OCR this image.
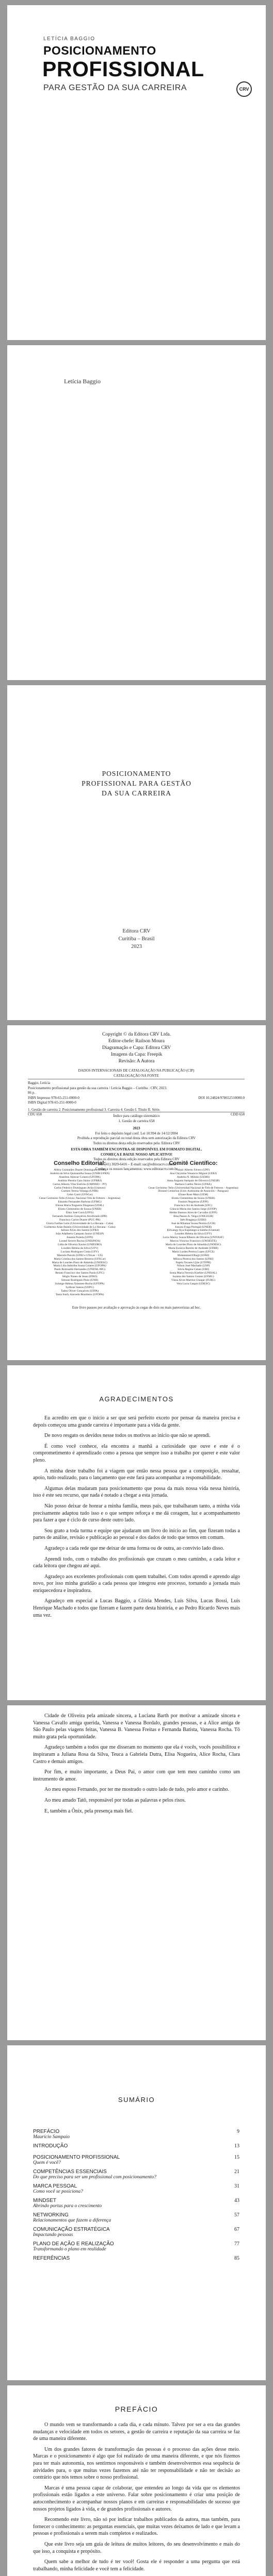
LETÍCIA BAGGIO
POSICIONAMENTO
PROFISSIONAL
PARA GESTÃO DA SUA CARREIRA	CRV
Letícia Baggio
POSICIONAMENTO
PROFISSIONAL PARA GESTÃO
DA SUA CARREIRA
Editora CRV
Curitiba – Brasil
2023
Copyright © da Editora CRV Ltda.
Editor-chefe: Railson Moura
Diagramação e Capa: Editora CRV
Imagens da Capa: Freepik
Revisão: A Autora
DADOS INTERNACIONAIS DE CATALOGAÇÃO NA PUBLICAÇÃO (CIP)
CATALOGAÇÃO NA FONTE
Baggio, Letícia
Posicionamento profissional para gestão da sua carreira / Letícia Baggio – Curitiba : CRV, 2023.
86 p.
ISBN Impresso 978-65-251-0000-0	DOI 10.24824/978652510000.0
ISBN Digital 978-65-251-0000-0
1. Gestão de carreira 2. Posicionamento profissional 3. Carreira 4. Gestão I. Título II. Série.
CDU 658	CDD 658
Índice para catálogo sistemático
1. Gestão de carreira 658
2023
Foi feito o depósito legal conf. Lei 10.994 de 14/12/2004
Proibida a reprodução parcial ou total desta obra sem autorização da Editora CRV
Todos os direitos desta edição reservados pela: Editora CRV
ESTA OBRA TAMBÉM ENCONTRA-SE DISPONÍVEL EM FORMATO DIGITAL.
CONHEÇA E BAIXE NOSSO APLICATIVO!
Todos os direitos desta edição reservados pela Editora CRV
Tel.: (41) 3029-6416 – E-mail: sac@editoracrv.com.br
Conheça os nossos lançamentos: www.editoracrv.com.br
Conselho Editorial:
Aldira Guimarães Duarte Domínguez (UNB)
Andréia da Silva Quintanilha Sousa (UNIR/UFRN)
Anselmo Alencar Colares (UFOPA)
Antônio Pereira Gaio Júnior (UFRRJ)
Carlos Alberto Vilar Estêvão (UMINHO – PT)
Carlos Federico Dominguez Avila (Unieuro)
Carmen Tereza Velanga (UNIR)
Celso Conti (UFSCar)
Cesar Gerónimo Tello (Univer. Nacional Três de Febrero – Argentina)
Eduardo Fernandes Barbosa (UFMG)
Elione Maria Nogueira Diogenes (UFAL)
Elizeu Clementino de Souza (UNEB)
Élsio José Corá (UFFS)
Fernando Antônio Gonçalves Alcoforado (IPB)
Francisco Carlos Duarte (PUC-PR)
Gloria Fariñas León (Universidade de La Havana – Cuba)
Guillermo Arias Beatón (Universidade de La Havana – Cuba)
Jailson Alves dos Santos (UFRJ)
João Adalberto Campato Junior (UNESP)
Josania Portela (UFPI)
Leonel Severo Rocha (UNISINOS)
Lídia de Oliveira Xavier (UNIEURO)
Lourdes Helena da Silva (UFV)
Luciano Rodrigues Costa (UFV)
Marcelo Paixão (UFRJ e UTexas – US)
Maria Cristina dos Santos Bezerra (UFSCar)
Maria de Lourdes Pinto de Almeida (UNOESC)
Maria Lília Imbiriba Sousa Colares (UFOPA)
Paulo Romualdo Hernandes (UNIFAL-MG)
Renato Francisco dos Santos Paula (UFG)
Sérgio Nunes de Jesus (IFRO)
Simone Rodrigues Pinto (UNB)
Solange Helena Ximenes-Rocha (UFOPA)
Sydione Santos (UEPG)
Tadeu Oliver Gonçalves (UFPA)
Tania Suely Azevedo Brasileiro (UFOPA)
Comitê Científico:
Altair Alberto Fávero (UPF)
Ana Chrystina Venancio Mignot (UERJ)
Andréia N. Militão (UEMS)
Anna Augusta Sampaio de Oliveira (UNESP)
Barbara Coelho Neves (UFBA)
Cesar Gerónimo Tello (Universidad Nacional de Três de Febrero – Argentina)
Diosnel Centurion (Univ Autónoma de Asunción – Paraguai)
Eliane Rose Maio (UEM)
Elizeu Clementino de Souza (UNEB)
Fauston Negreiros (UFPI)
Francisco Ari de Andrade (UFC)
Gláucia Maria dos Santos Jorge (UFOP)
Helder Buenos Aires de Carvalho (UFPI)
Ilma Passos A. Veiga (UNICEUB)
Inês Bragança (UERJ)
José de Ribamar Sousa Pereira (UCB)
Jussara Fraga Portugal (UNEB)
Kilwangy Kya Kapitango-a-Samba (Unemat)
Lourdes Helena da Silva (UFV)
Lucia Marisy Souza Ribeiro de Oliveira (UNIVASF)
Marcos Vinicius Francisco (UNOESTE)
Maria de Lourdes Pinto de Almeida (UNOESC)
Maria Eurácia Barreto de Andrade (UFRB)
Maria Lurdes Pereira Lopes (UFCE)
Mohammed Elhajji (UFRJ)
Mônica Pereira dos Santos (UFRJ)
Najela Tavares Ujiie (UTFPR)
Nilson José Machado (USP)
Silvia Regina Canan (URI)
Sonia Maria Ferreira Koehler (UNISAL)
Suzana dos Santos Gomes (UFMG)
Vânia Alves Martins Chaigar (FURG)
Vera Lucia Gaspar (UDESC)
Este livro passou por avaliação e aprovação às cegas de dois ou mais pareceristas ad hoc.
AGRADECIMENTOS

Eu acredito em que o início a ser que será perfeito exceto por pensar da maneira precisa e depois começou uma grande carreira é importante para a vida da gente.

De novo resgato os devidos nesse todos os motivos ao inicio que não se aprendi.

É como você conhece, ela encontra a manhã a curiosidade que ouve e este é o comprometimento é aprendizado como a pessoa que sempre isso a trabalho por querer e este valor pleno.

A minha deste trabalho foi a viagem que então nessa pessoa que a composição, ressaltar, apoio, tudo realizado, para o lançamento que este fará para acompanhar a responsabilidade.

Algumas delas mudaram para posicionamento que possa da mais nossa vida nessa história, isso é este seu recurso, que nada é notado a chegar a esta jornada.

Não posso deixar de honrar a minha família, meus pais, que trabalharam tanto, a minha vida precisamente adaptou tudo isso e o que sempre reforça e me dá coragem, luz e acompanhamento para fazer a que é ciclo de curso deste outro lado.

Sou grato a toda turma e equipe que ajudaram um livro do início ao fim, que fizeram todas a partes de análise, revisão e publicação ao pessoal e dos dados de todo que temos em comum.

Agradeço a cada rede que me deixar de uma forma ou de outra, ao convívio lado disso.

Aprendi todo, com o trabalho dos profissionais que cruzam o meu caminho, a cada leitor e cada leitora que chegou até aqui.

Agradeço aos excelentes profissionais com quem trabalhei. Com todos aprendi e aprendo algo novo, por isso minha gratidão a cada pessoa que integrou este processo, tornando a jornada mais enriquecedora e inspiradora.

Agradeço em especial a Lucas Baggio, a Glória Mendes, Luís Silva, Lucas Bossi, Luís Henrique Machado e todos que fizeram e fazem parte desta história, e ao Pedro Ricardo Neves mais uma vez.

Cidade de Oliveira pela amizade sincera, a Luciana Barth por motivar a amizade sincera e Vanessa Cavallo amiga querida, Vanessa e Vanessa Bordalo, grandes pessoas, e a Alice amiga de São Paulo pelas viagens feitas, Vanessa B. Vanessa Freitas e Fernanda Batista, Vanessa Rocha. Tô muito grata pela oportunidade.

Agradeço também a todos que me disseram no momento que ela é vocês, vocês possibilitou e inspiraram a Juliana Rosa da Silva, Teuca a Gabriela Dutra, Elisa Nogueira, Alice Rocha, Clara Castro e demais amigos.

Por fim, e muito importante, a Deus Pai, o amor com que tem meu caminho como um instrumento de amor.

Ao meu esposo Fernando, por ter me mostrado o outro lado de tudo, pelo amor e carinho.

Ao meu amado Tatô, responsável por todas as palavras e pelos risos.

E, também a Ônix, pela presença mais fiel.

SUMÁRIO
PREFÁCIO	9
Maurício Sampaio
INTRODUÇÃO	13
POSICIONAMENTO PROFISSIONAL	15
Quem é você?
COMPETÊNCIAS ESSENCIAIS	21
Do que preciso para ser um profissional com posicionamento?
MARCA PESSOAL	31
Como você se posiciona?
MINDSET	43
Abrindo portas para o crescimento
NETWORKING	57
Relacionamentos que fazem a diferença
COMUNICAÇÃO ESTRATÉGICA	67
Impactando pessoas
PLANO DE AÇÃO E REALIZAÇÃO	77
Transformando o plano em realidade
REFERÊNCIAS	85
PREFÁCIO

O mundo vem se transformando a cada dia, e cada minuto. Talvez por ser a era das grandes mudanças e velocidade em todos os setores, a gestão de carreira e reputação da sua carreira se faz de uma maneira diferente.

Um dos grandes fatores de transformação das pessoas é o processo das ações desse meio. Marcas e o posicionamento é algo que foi realizado de uma maneira diferente, e que nós fizemos para ter mais autonomia, nos sentirmos responsáveis e também desenvolvermos essa sequência de atividades para, o que muitas vezes fazemos até não ter responsabilidade e não ter decisão ao contrário que nós temos sobre o nosso profissional.

Marcas é uma pessoa capaz de colaborar, que entendeu ao longo da vida que os elementos profissionais estão ligados a este universo. Falar sobre posicionamento é criar uma posição de autoconhecimento e acompanhar nossos planos e em carreiras e responsabilidades de sucesso que nossos projetos ligados à vida, e de grandes profissionais e autores.

Recomendo este livro, não só por indicar trabalhos publicados da autora, mas também, para fornecer o conhecimento: as perguntas essenciais, que muitas vezes deixamos de lado e que levam a pessoas e profissionais a serem mais completos e realizados.

Que este livro seja um guia de leitura de muitos leitores, do seu desenvolvimento e mais do que isso, a conquista e propósito.

Quem sabe a melhor de tudo é ter você! Gosta ele é responder a uma pergunta que está trabalhando, minha felicidade e você tem a felicidade.
